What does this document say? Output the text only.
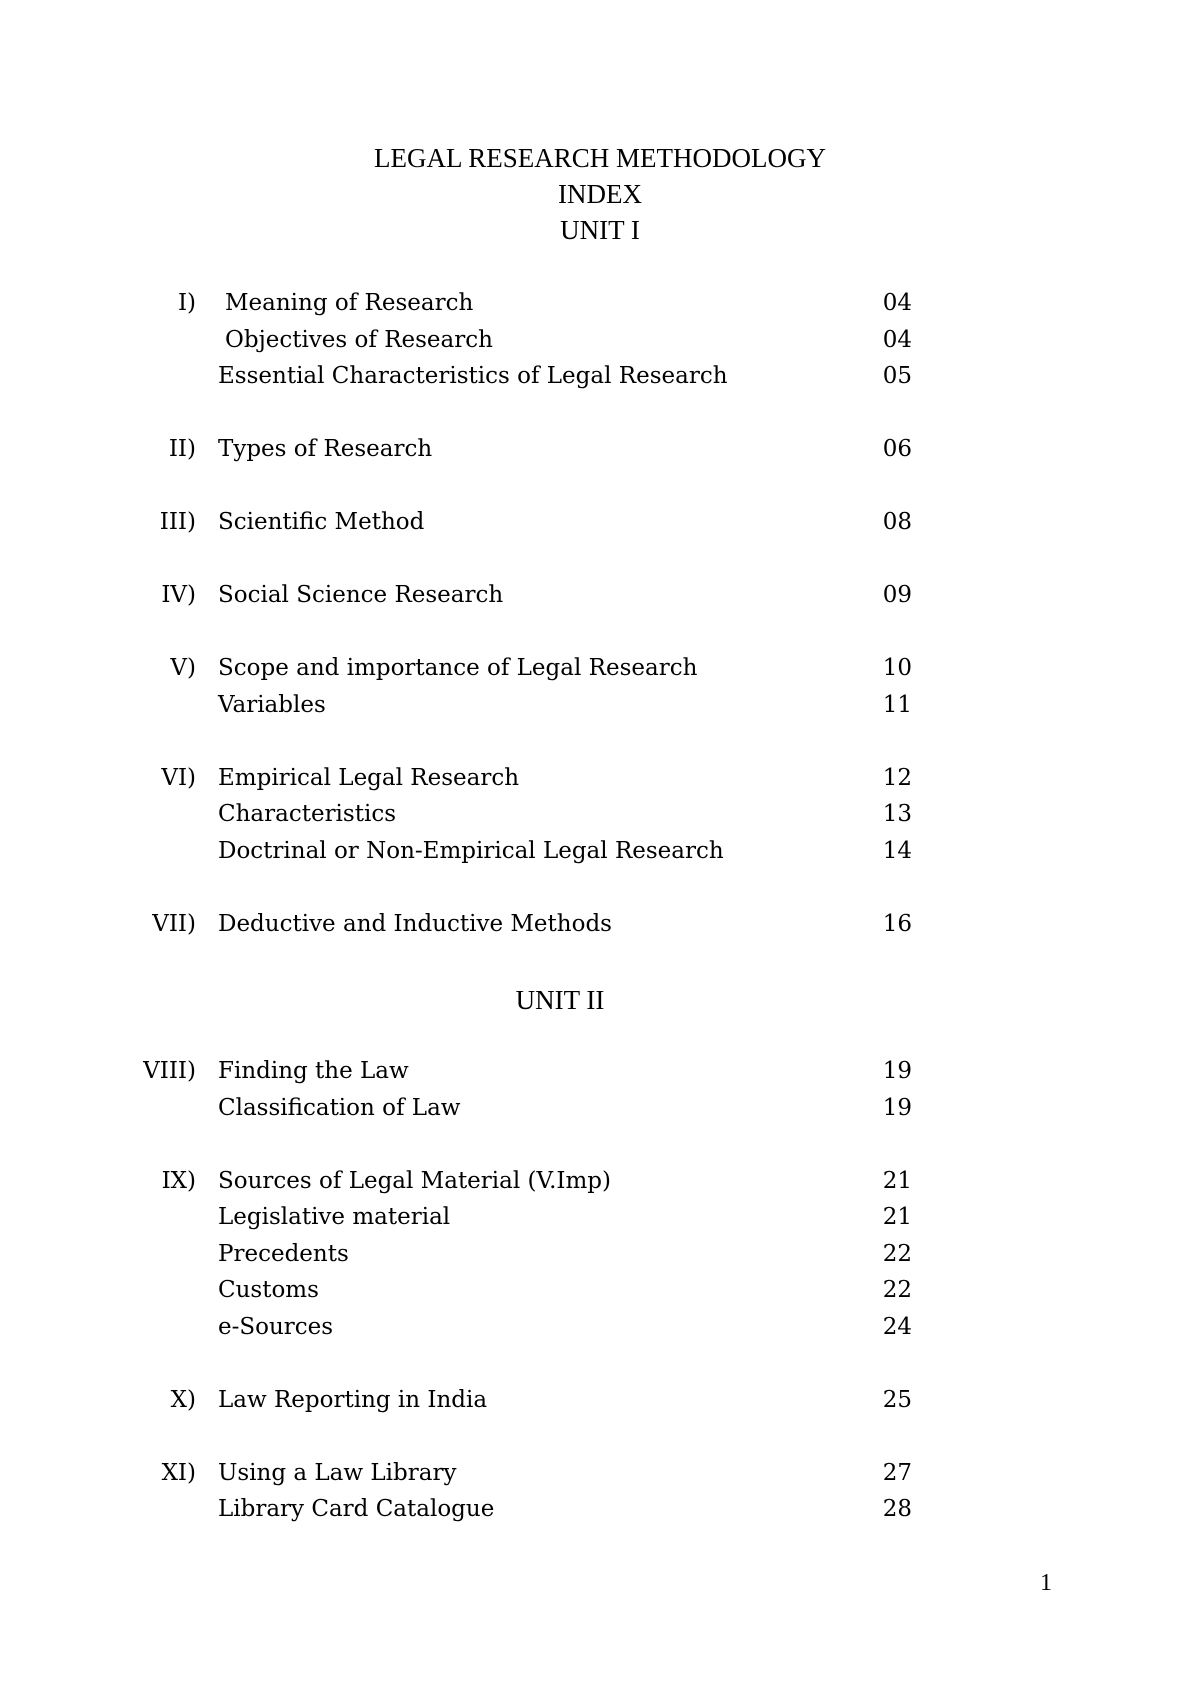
LEGAL RESEARCH METHODOLOGY
INDEX
UNIT I
I) Meaning of Research	04
Objectives of Research	04
Essential Characteristics of Legal Research	05
II) Types of Research	06
III) Scientific Method	08
IV) Social Science Research	09
V) Scope and importance of Legal Research	10
Variables	11
VI) Empirical Legal Research	12
Characteristics	13
Doctrinal or Non-Empirical Legal Research	14
VII) Deductive and Inductive Methods	16
UNIT II
VIII) Finding the Law	19
Classification of Law	19
IX) Sources of Legal Material (V.Imp)	21
Legislative material	21
Precedents	22
Customs	22
e-Sources	24
X) Law Reporting in India	25
XI) Using a Law Library	27
Library Card Catalogue	28
1
